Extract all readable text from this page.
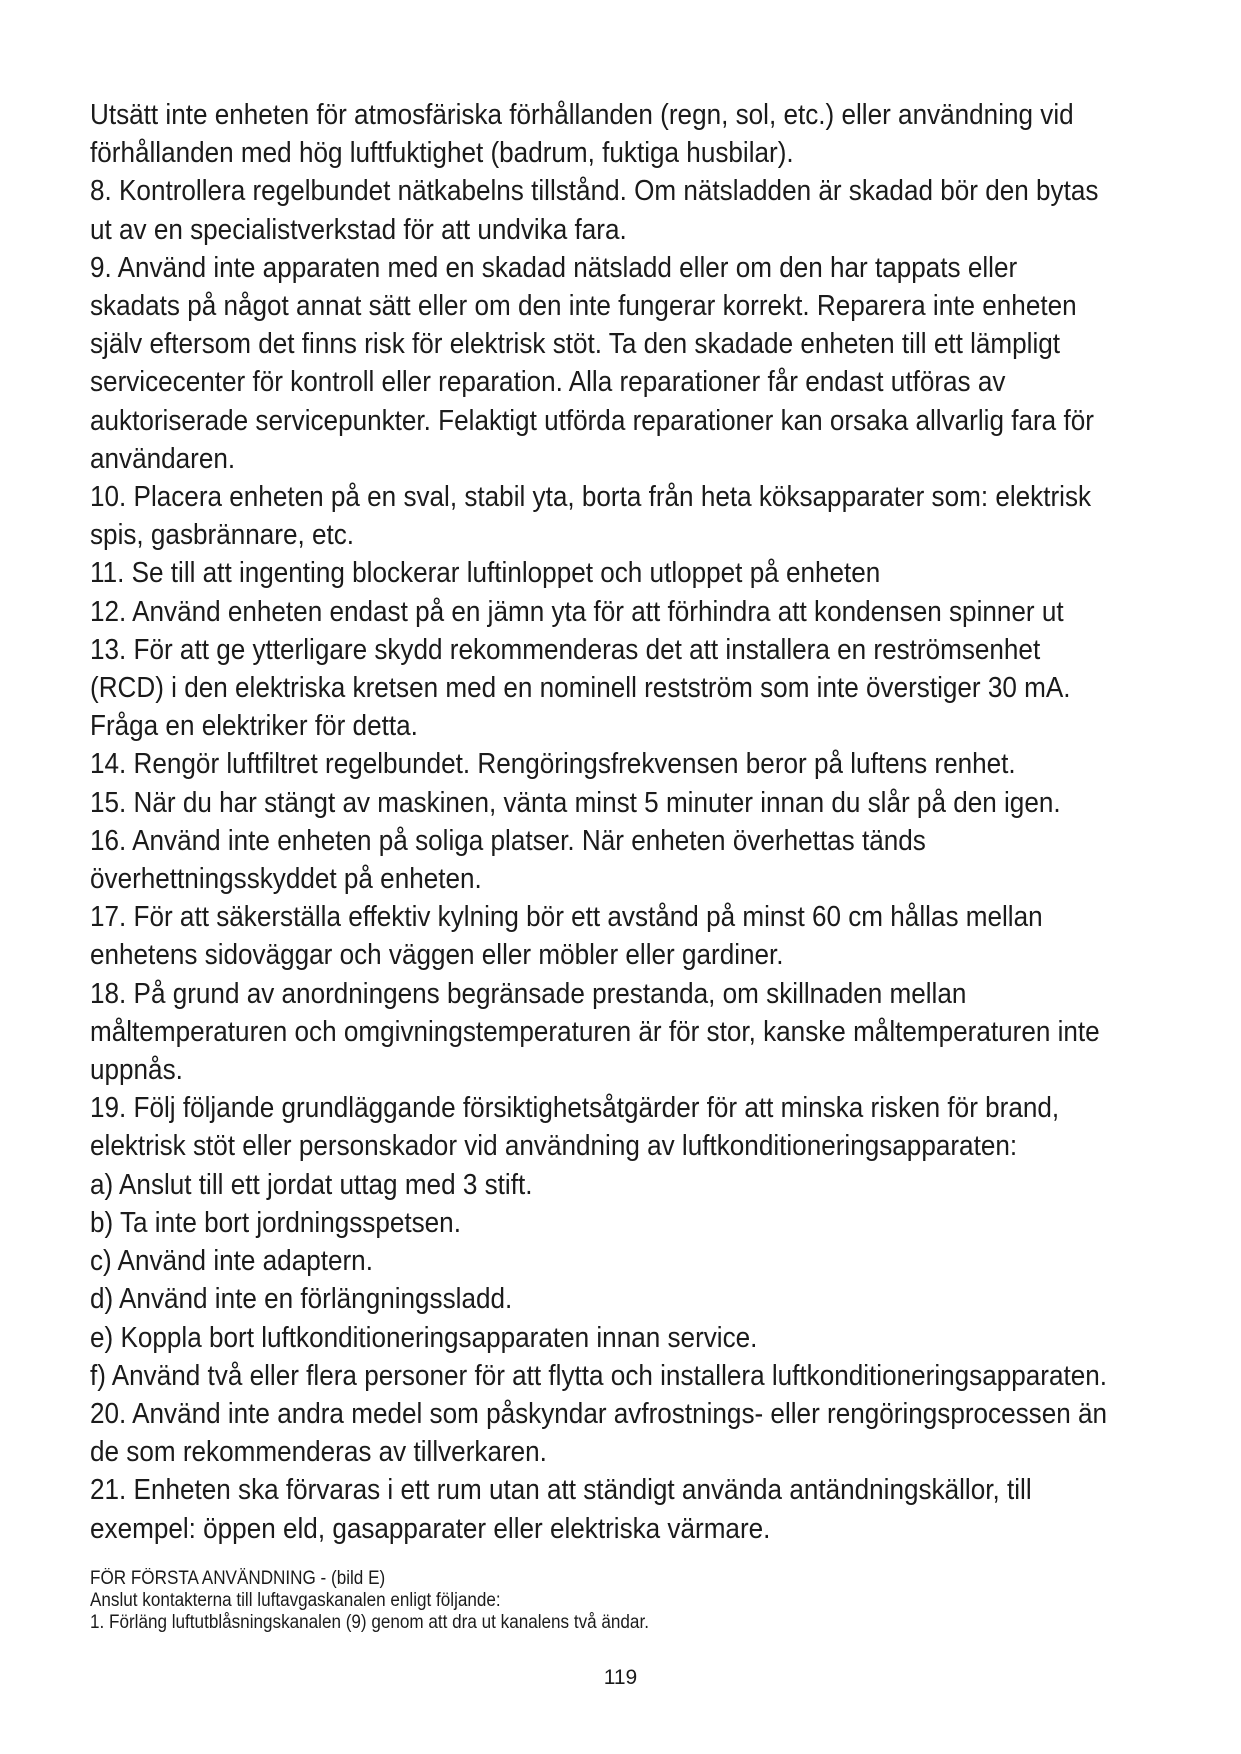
Utsätt inte enheten för atmosfäriska förhållanden (regn, sol, etc.) eller användning vid
förhållanden med hög luftfuktighet (badrum, fuktiga husbilar).

8. Kontrollera regelbundet nätkabelns tillstånd. Om nätsladden är skadad bör den bytas
ut av en specialistverkstad för att undvika fara.

9. Använd inte apparaten med en skadad nätsladd eller om den har tappats eller
skadats på något annat sätt eller om den inte fungerar korrekt. Reparera inte enheten
själv eftersom det finns risk för elektrisk stöt. Ta den skadade enheten till ett lämpligt
servicecenter för kontroll eller reparation. Alla reparationer får endast utföras av
auktoriserade servicepunkter. Felaktigt utförda reparationer kan orsaka allvarlig fara för
användaren.

10. Placera enheten på en sval, stabil yta, borta från heta köksapparater som: elektrisk
spis, gasbrännare, etc.

11. Se till att ingenting blockerar luftinloppet och utloppet på enheten

12. Använd enheten endast på en jämn yta för att förhindra att kondensen spinner ut

13. För att ge ytterligare skydd rekommenderas det att installera en reströmsenhet
(RCD) i den elektriska kretsen med en nominell restström som inte överstiger 30 mA.
Fråga en elektriker för detta.

14. Rengör luftfiltret regelbundet. Rengöringsfrekvensen beror på luftens renhet.

15. När du har stängt av maskinen, vänta minst 5 minuter innan du slår på den igen.

16. Använd inte enheten på soliga platser. När enheten överhettas tänds
överhettningsskyddet på enheten.

17. För att säkerställa effektiv kylning bör ett avstånd på minst 60 cm hållas mellan
enhetens sidoväggar och väggen eller möbler eller gardiner.

18. På grund av anordningens begränsade prestanda, om skillnaden mellan
måltemperaturen och omgivningstemperaturen är för stor, kanske måltemperaturen inte
uppnås.

19. Följ följande grundläggande försiktighetsåtgärder för att minska risken för brand,
elektrisk stöt eller personskador vid användning av luftkonditioneringsapparaten:

a) Anslut till ett jordat uttag med 3 stift.

b) Ta inte bort jordningsspetsen.

c) Använd inte adaptern.

d) Använd inte en förlängningssladd.

e) Koppla bort luftkonditioneringsapparaten innan service.

f) Använd två eller flera personer för att flytta och installera luftkonditioneringsapparaten.

20. Använd inte andra medel som påskyndar avfrostnings- eller rengöringsprocessen än
de som rekommenderas av tillverkaren.

21. Enheten ska förvaras i ett rum utan att ständigt använda antändningskällor, till
exempel: öppen eld, gasapparater eller elektriska värmare.

FÖR FÖRSTA ANVÄNDNING - (bild E)

Anslut kontakterna till luftavgaskanalen enligt följande:

1. Förläng luftutblåsningskanalen (9) genom att dra ut kanalens två ändar.

119
